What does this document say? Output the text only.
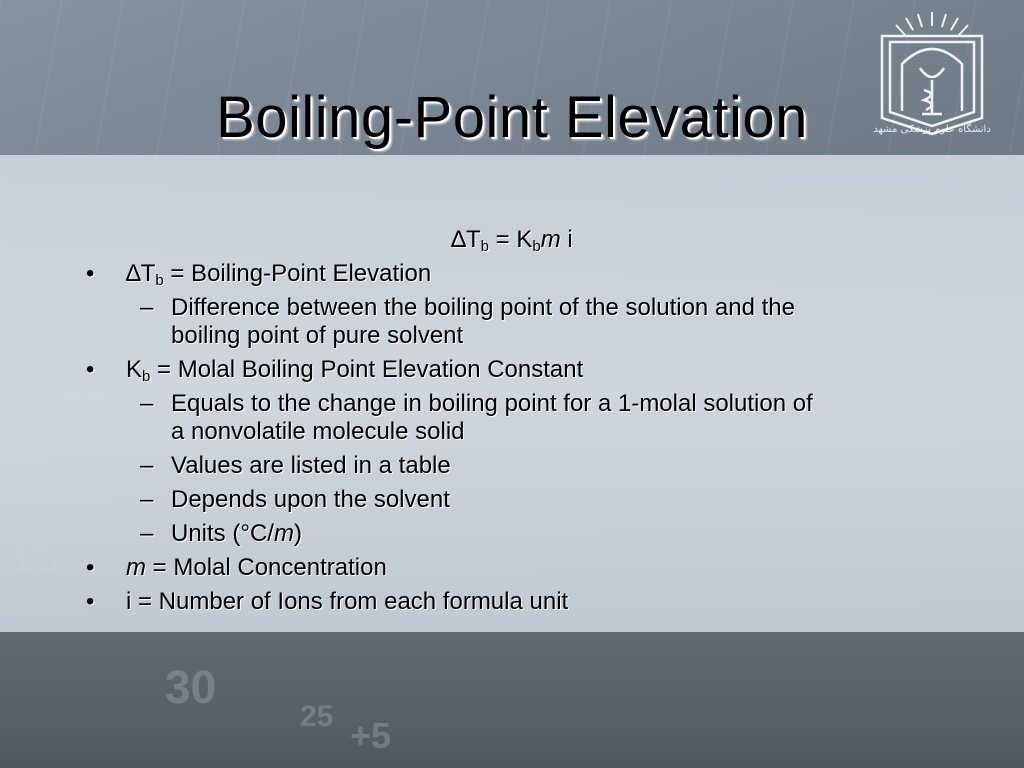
30
25 +5
دانشگاه علوم پزشکی مشهد
Boiling-Point Elevation
$\Delta T_b = K_bm$ i
• $\Delta T_b$ = Boiling-Point Elevation
– Difference between the boiling point of the solution and the
boiling point of pure solvent
• $K_b$ = Molal Boiling Point Elevation Constant
– Equals to the change in boiling point for a 1-molal solution of
a nonvolatile molecule solid
– Values are listed in a table
– Depends upon the solvent
– Units (°C/m)
• m = Molal Concentration
• i = Number of Ions from each formula unit
